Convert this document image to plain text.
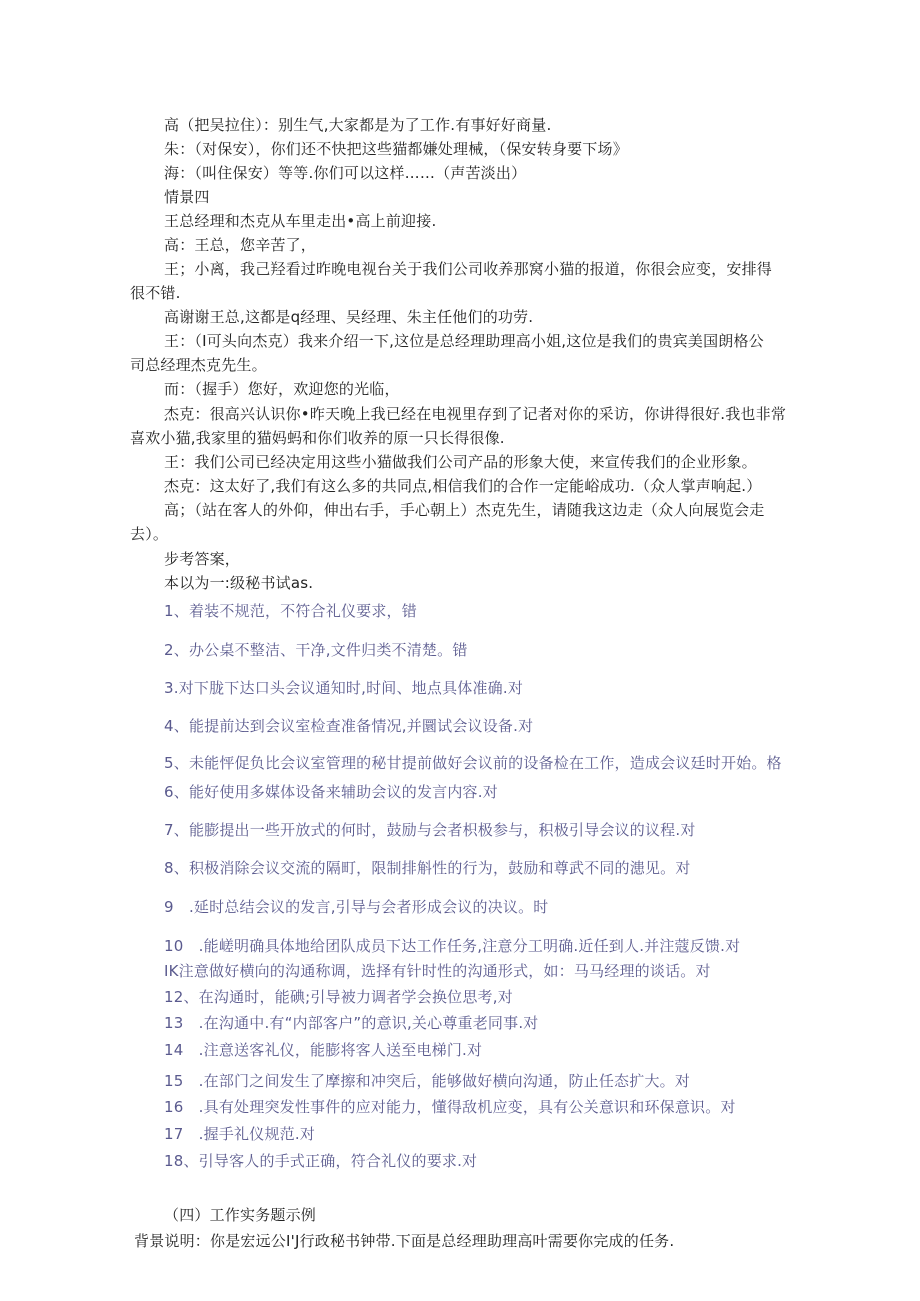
高（把吴拉住）：别生气,大家都是为了工作.有事好好商量.
朱：（对保安），你们还不快把这些猫都嫌处理械，（保安转身要下场》
海：（叫住保安）等等.你们可以这样……（声苦淡出）
情景四
王总经理和杰克从车里走出•高上前迎接.
高：王总，您辛苦了，
王；小离，我己羟看过昨晚电视台关于我们公司收养那窝小猫的报道，你很会应变，安排得
很不错.
高谢谢王总,这都是q经理、吴经理、朱主任他们的功劳.
王：（I可头向杰克）我来介绍一下,这位是总经理助理高小姐,这位是我们的贵宾美国朗格公
司总经理杰克先生。
而：（握手）您好，欢迎您的光临，
杰克：很高兴认识你•昨天晚上我已经在电视里存到了记者对你的采访，你讲得很好.我也非常
喜欢小猫,我家里的猫妈蚂和你们收养的原一只长得很像.
王：我们公司已经决定用这些小猫做我们公司产品的形象大使，来宣传我们的企业形象。
杰克：这太好了,我们有这么多的共同点,相信我们的合作一定能峪成功.（众人掌声响起.）
高；（站在客人的外仰，伸出右手，手心朝上）杰克先生，请随我这边走（众人向展览会走
去）。
步考答案，
本以为一:级秘书试as.
1、着装不规范，不符合礼仪要求，错
2、办公桌不整洁、干净,文件归类不清楚。错
3.对下胧下达口头会议通知时,时间、地点具体准确.对
4、能提前达到会议室检查准备情况,并圜试会议设备.对
5、未能怦促负比会议室管理的秘甘提前做好会议前的设备检在工作，造成会议廷时开始。格
6、能好使用多媒体设备来辅助会议的发言内容.对
7、能膨提出一些开放式的何时，鼓励与会者枳极参与，积极引导会议的议程.对
8、积极消除会议交流的隔町，限制排斛性的行为，鼓励和尊武不同的漶见。对
9　.延时总结会议的发言,引导与会者形成会议的决议。时
10　.能嵯明确具体地给团队成员下达工作任务,注意分工明确.近任到人.并注蔻反馈.对
IK注意做好横向的沟通称调，选择有针时性的沟通形式，如：马马经理的谈话。对
12、在沟通时，能碘;引导被力调者学会换位思考,对
13　.在沟通中.有“内部客户”的意识,关心尊重老同事.对
14　.注意送客礼仪，能膨将客人送至电梯门.对
15　.在部门之间发生了摩擦和冲突后，能够做好横向沟通，防止任态扩大。对
16　.具有处理突发性事件的应对能力，懂得敌机应变，具有公关意识和环保意识。对
17　.握手礼仪规范.对
18、引导客人的手式正确，符合礼仪的要求.对
（四）工作实务题示例
背景说明：你是宏远公I'J行政秘书钟带.下面是总经理助理高叶需要你完成的任务.
